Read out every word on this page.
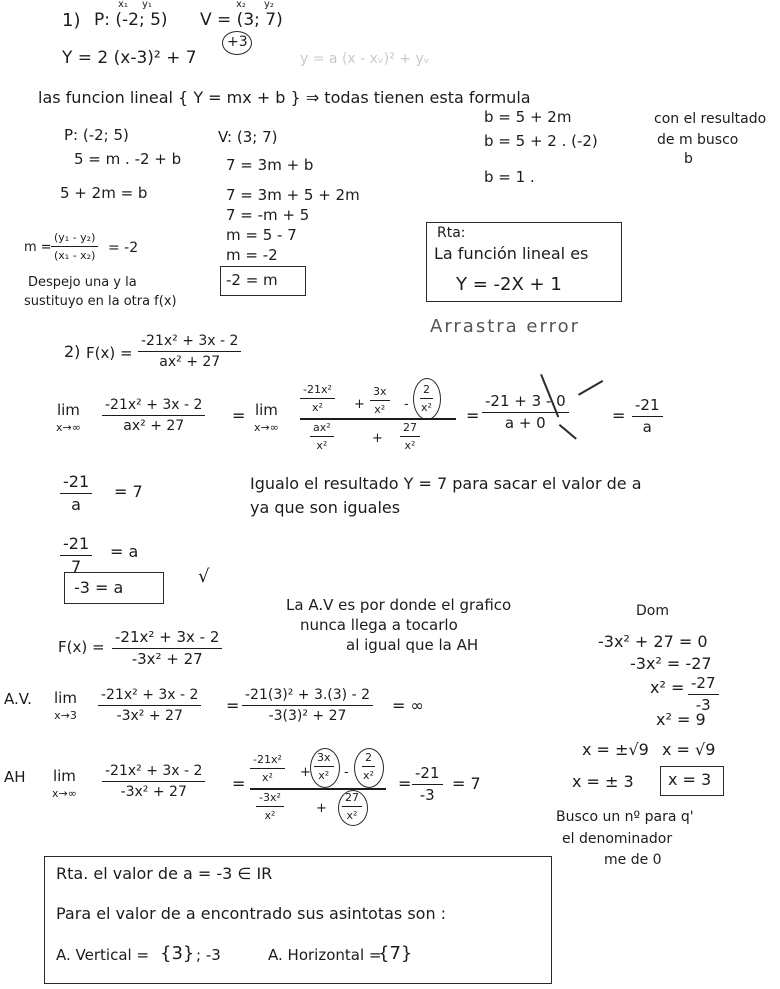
1) P: (-2; 5)
x₁ y₁
V = (3; 7)
x₂ y₂
+3
Y = 2 (x-3)² + 7	y = a (x - xᵥ)² + yᵥ
las funcion lineal { Y = mx + b } ⇒ todas tienen esta formula
P: (-2; 5)
5 = m . -2 + b
5 + 2m = b
V: (3; 7)
7 = 3m + b
7 = 3m + 5 + 2m
7 = -m + 5
m = 5 - 7
m = -2
-2 = m
$m = \frac{\text{(y₁ - y₂)}}{\text{(x₁ - x₂)}} = -2$
Despejo una y la
sustituyo en la otra f(x)
b = 5 + 2m
b = 5 + 2 . (-2)
b = 1 .
con el resultado
de m busco
b
Rta:
La función lineal es
Y = -2X + 1
Arrastra error
2) $F(x) = \frac{\text{-21x² + 3x - 2}}{\text{ax² + 27}}$
lim
$x\to\infty \frac{\text{-21x² + 3x - 2}}{\text{ax² + 27}} = \lim$
x→∞
$\frac{\text{-21x²}}{\text{x²}} + \frac{3x}{\text{x²}} - \frac{2}{\text{x²}}$
$\frac{\text{ax²}}{\text{x²}}$	+ $\frac{27}{\text{x²}}$
= $\frac{-21 + 3 - 0}{a + 0}$	= $\frac{-21}{a}$
$\frac{-21}{a} = 7$	Igualo el resultado Y = 7 para sacar el valor de a
ya que son iguales
$\frac{-21}{7} = a$
-3 = a
√
La A.V es por donde el grafico
nunca llega a tocarlo
al igual que la AH
$F(x) = \frac{\text{-21x² + 3x - 2}}{\text{-3x² + 27}}$
A.V. lim
$x\to 3 \frac{\text{-21x² + 3x - 2}}{\text{-3x² + 27}} = \frac{\text{-21(3)² + 3.(3) - 2}}{\text{-3(3)² + 27}}$ = ∞
Dom
-3x² + 27 = 0
-3x² = -27
$x^2 = \frac{-27}{-3}$
x² = 9
x = ±√9 x = √9
x = ± 3 x = 3
Busco un nº para q'
el denominador
me de 0
AH lim
$x\to\infty \frac{\text{-21x² + 3x - 2}}{\text{-3x² + 27}}$ =
$\frac{\text{-21x²}}{\text{x²}} + \frac{3x}{\text{x²}} - \frac{2}{\text{x²}}$
$\frac{\text{-3x²}}{\text{x²}} + \frac{27}{\text{x²}}$
= $\frac{-21}{-3} = 7$
Rta. el valor de a = -3 ∈ IR
Para el valor de a encontrado sus asintotas son :
A. Vertical = {3} ; -3	A. Horizontal =
{7}
